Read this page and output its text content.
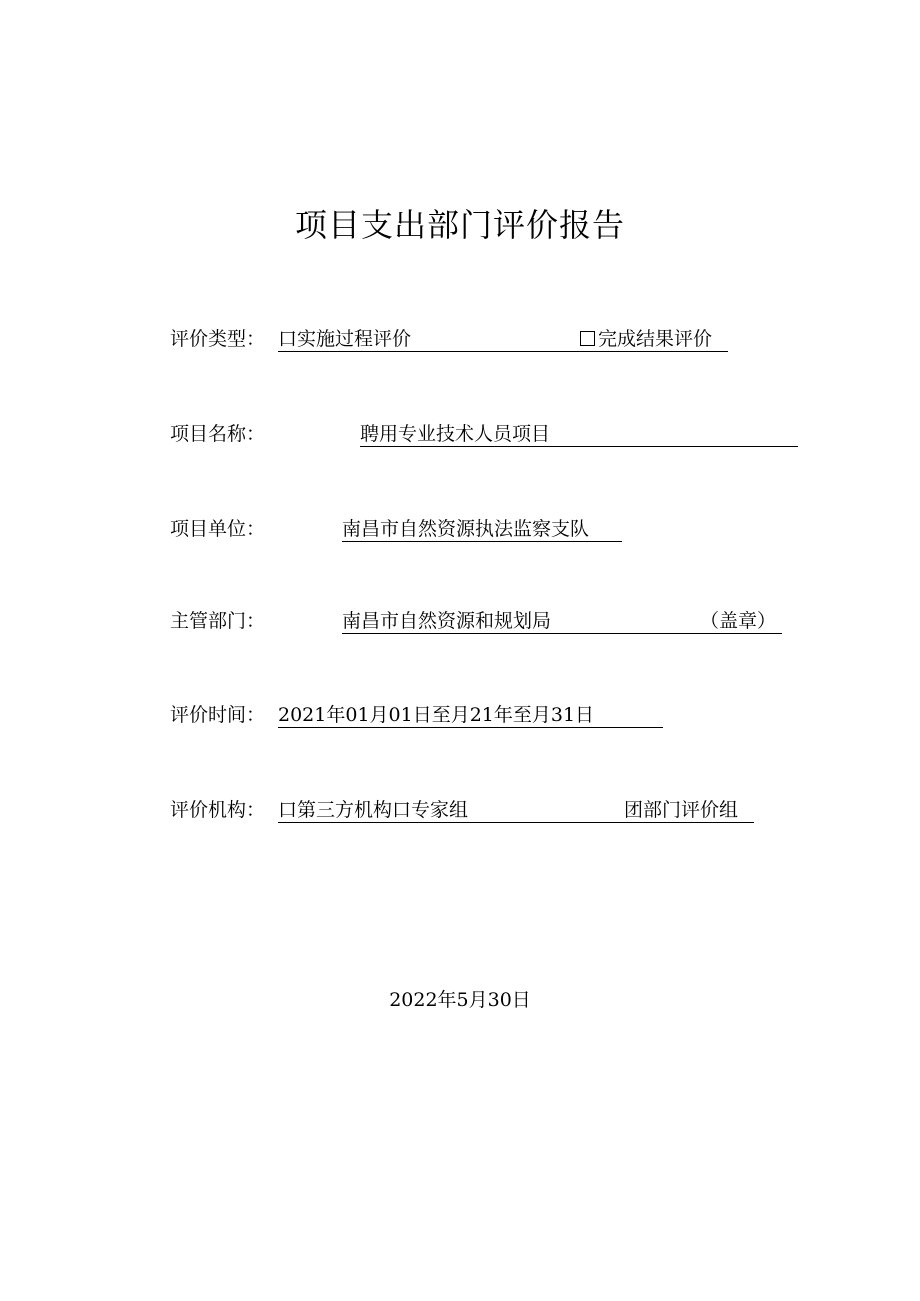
项目支出部门评价报告
评价类型： 口实施过程评价	完成结果评价
项目名称：	聘用专业技术人员项目
项目单位：	南昌市自然资源执法监察支队
主管部门：	南昌市自然资源和规划局	（盖章）
评价时间： 2021年01月01日至月21年至月31日
评价机构： 口第三方机构口专家组	团部门评价组
2022年5月30日
